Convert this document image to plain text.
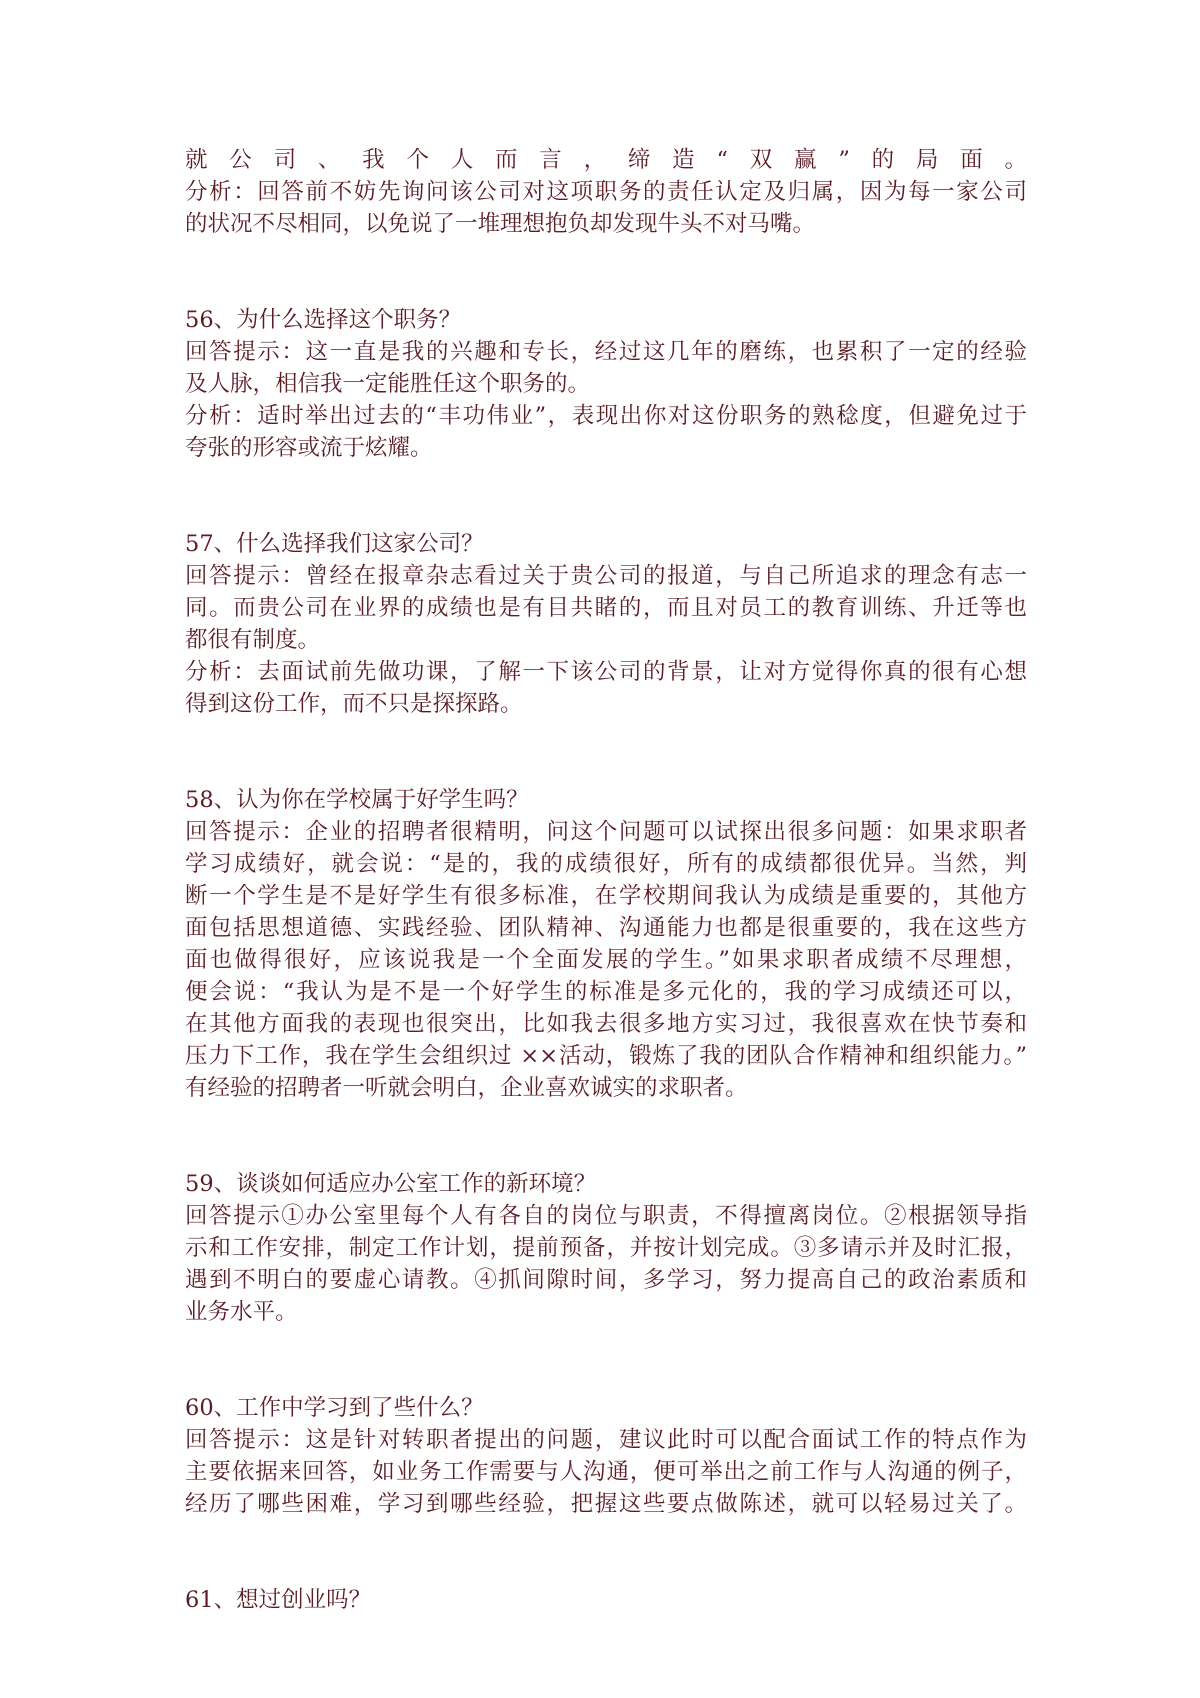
就公司、我个人而言，缔造“双赢”的局面。
分析：回答前不妨先询问该公司对这项职务的责任认定及归属，因为每一家公司
的状况不尽相同，以免说了一堆理想抱负却发现牛头不对马嘴。
56、为什么选择这个职务？
回答提示：这一直是我的兴趣和专长，经过这几年的磨练，也累积了一定的经验
及人脉，相信我一定能胜任这个职务的。
分析：适时举出过去的“丰功伟业”，表现出你对这份职务的熟稔度，但避免过于
夸张的形容或流于炫耀。
57、什么选择我们这家公司？
回答提示：曾经在报章杂志看过关于贵公司的报道，与自己所追求的理念有志一
同。而贵公司在业界的成绩也是有目共睹的，而且对员工的教育训练、升迁等也
都很有制度。
分析：去面试前先做功课，了解一下该公司的背景，让对方觉得你真的很有心想
得到这份工作，而不只是探探路。
58、认为你在学校属于好学生吗？
回答提示：企业的招聘者很精明，问这个问题可以试探出很多问题：如果求职者
学习成绩好，就会说：“是的，我的成绩很好，所有的成绩都很优异。当然，判
断一个学生是不是好学生有很多标准，在学校期间我认为成绩是重要的，其他方
面包括思想道德、实践经验、团队精神、沟通能力也都是很重要的，我在这些方
面也做得很好，应该说我是一个全面发展的学生。”如果求职者成绩不尽理想，
便会说：“我认为是不是一个好学生的标准是多元化的，我的学习成绩还可以，
在其他方面我的表现也很突出，比如我去很多地方实习过，我很喜欢在快节奏和
压力下工作，我在学生会组织过 ××活动，锻炼了我的团队合作精神和组织能力。”
有经验的招聘者一听就会明白，企业喜欢诚实的求职者。
59、谈谈如何适应办公室工作的新环境？
回答提示①办公室里每个人有各自的岗位与职责，不得擅离岗位。②根据领导指
示和工作安排，制定工作计划，提前预备，并按计划完成。③多请示并及时汇报，
遇到不明白的要虚心请教。④抓间隙时间，多学习，努力提高自己的政治素质和
业务水平。
60、工作中学习到了些什么？
回答提示：这是针对转职者提出的问题，建议此时可以配合面试工作的特点作为
主要依据来回答，如业务工作需要与人沟通，便可举出之前工作与人沟通的例子，
经历了哪些困难，学习到哪些经验，把握这些要点做陈述，就可以轻易过关了。
61、想过创业吗？
